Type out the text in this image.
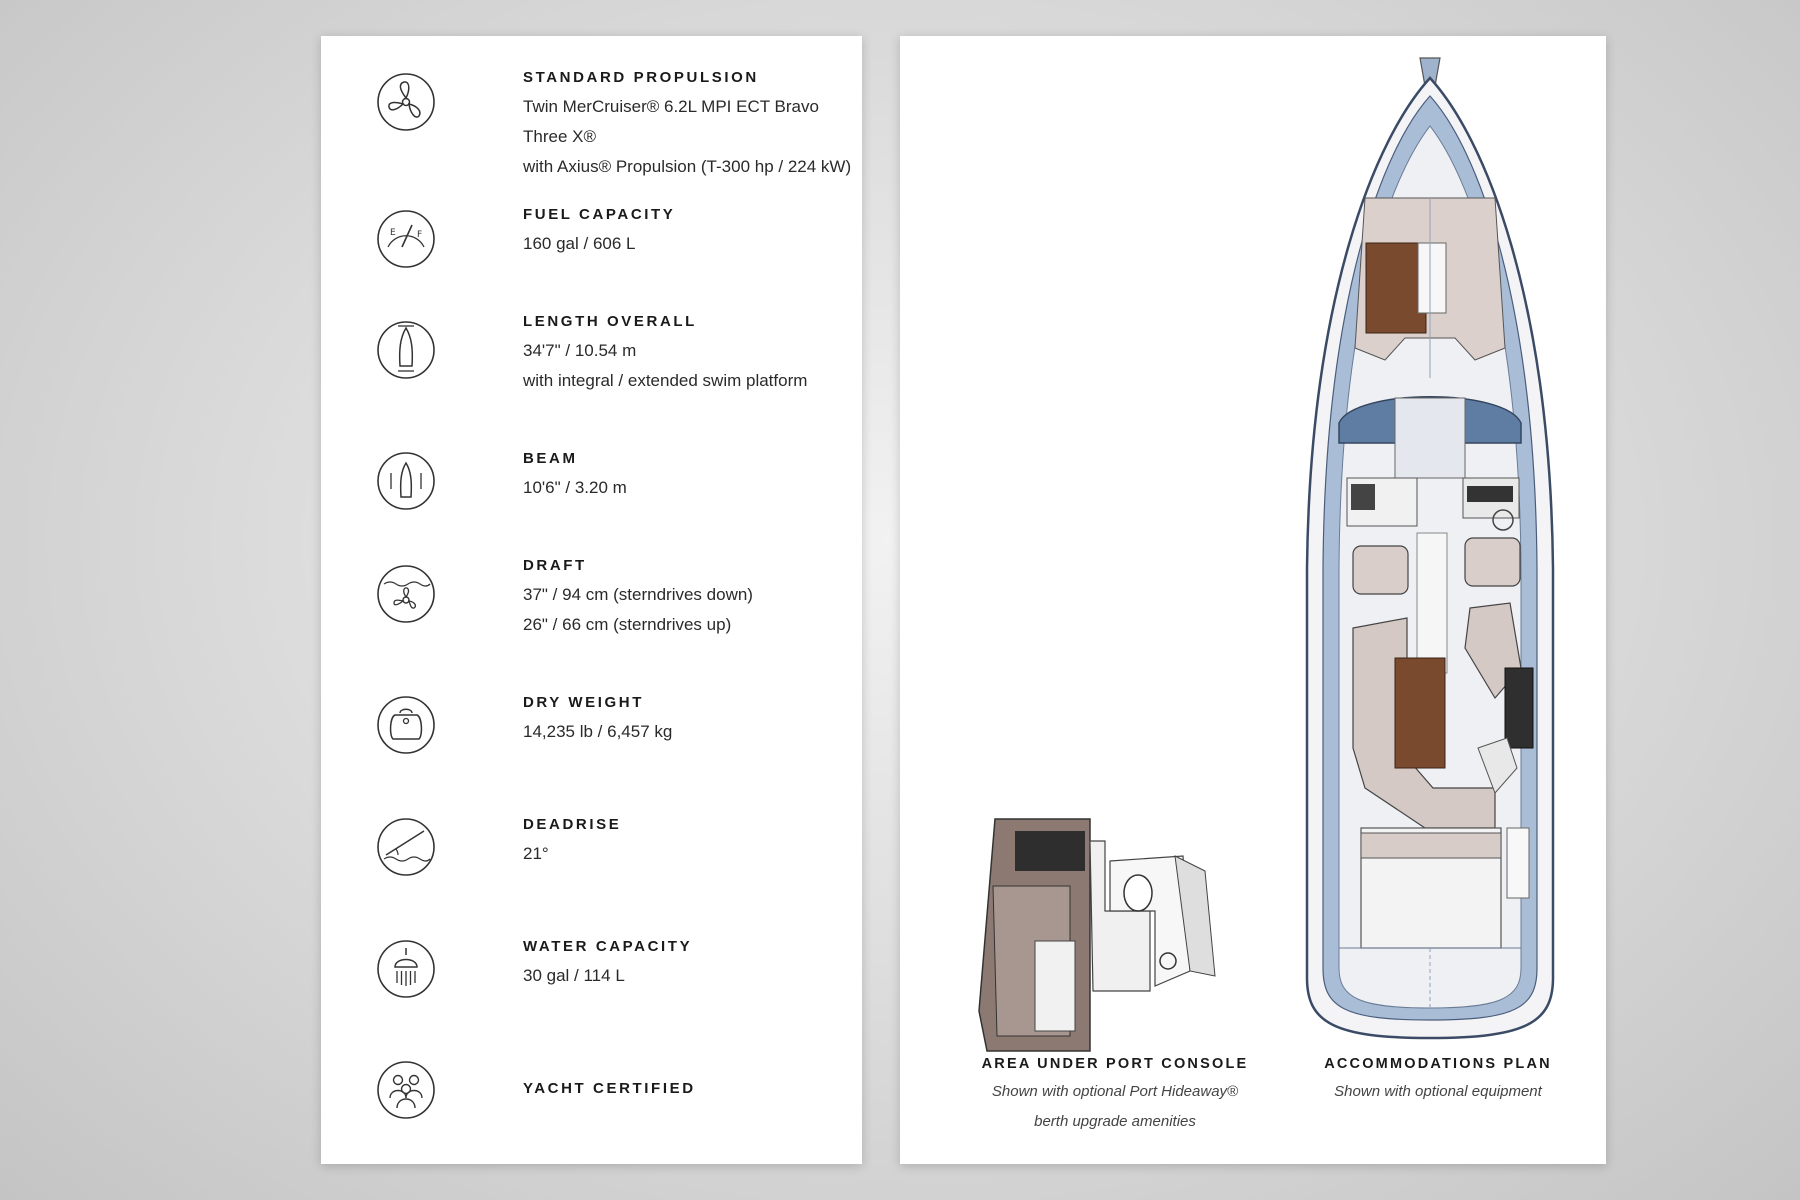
STANDARD PROPULSION
Twin MerCruiser® 6.2L MPI ECT Bravo Three X®
with Axius® Propulsion (T-300 hp / 224 kW)
E F
FUEL CAPACITY
160 gal / 606 L
LENGTH OVERALL
34'7" / 10.54 m
with integral / extended swim platform
BEAM
10'6" / 3.20 m
DRAFT
37" / 94 cm (sterndrives down)
26" / 66 cm (sterndrives up)
DRY WEIGHT
14,235 lb / 6,457 kg
DEADRISE
21°
WATER CAPACITY
30 gal / 114 L
YACHT CERTIFIED
AREA UNDER PORT CONSOLE
Shown with optional Port Hideaway®
berth upgrade amenities
ACCOMMODATIONS PLAN
Shown with optional equipment
